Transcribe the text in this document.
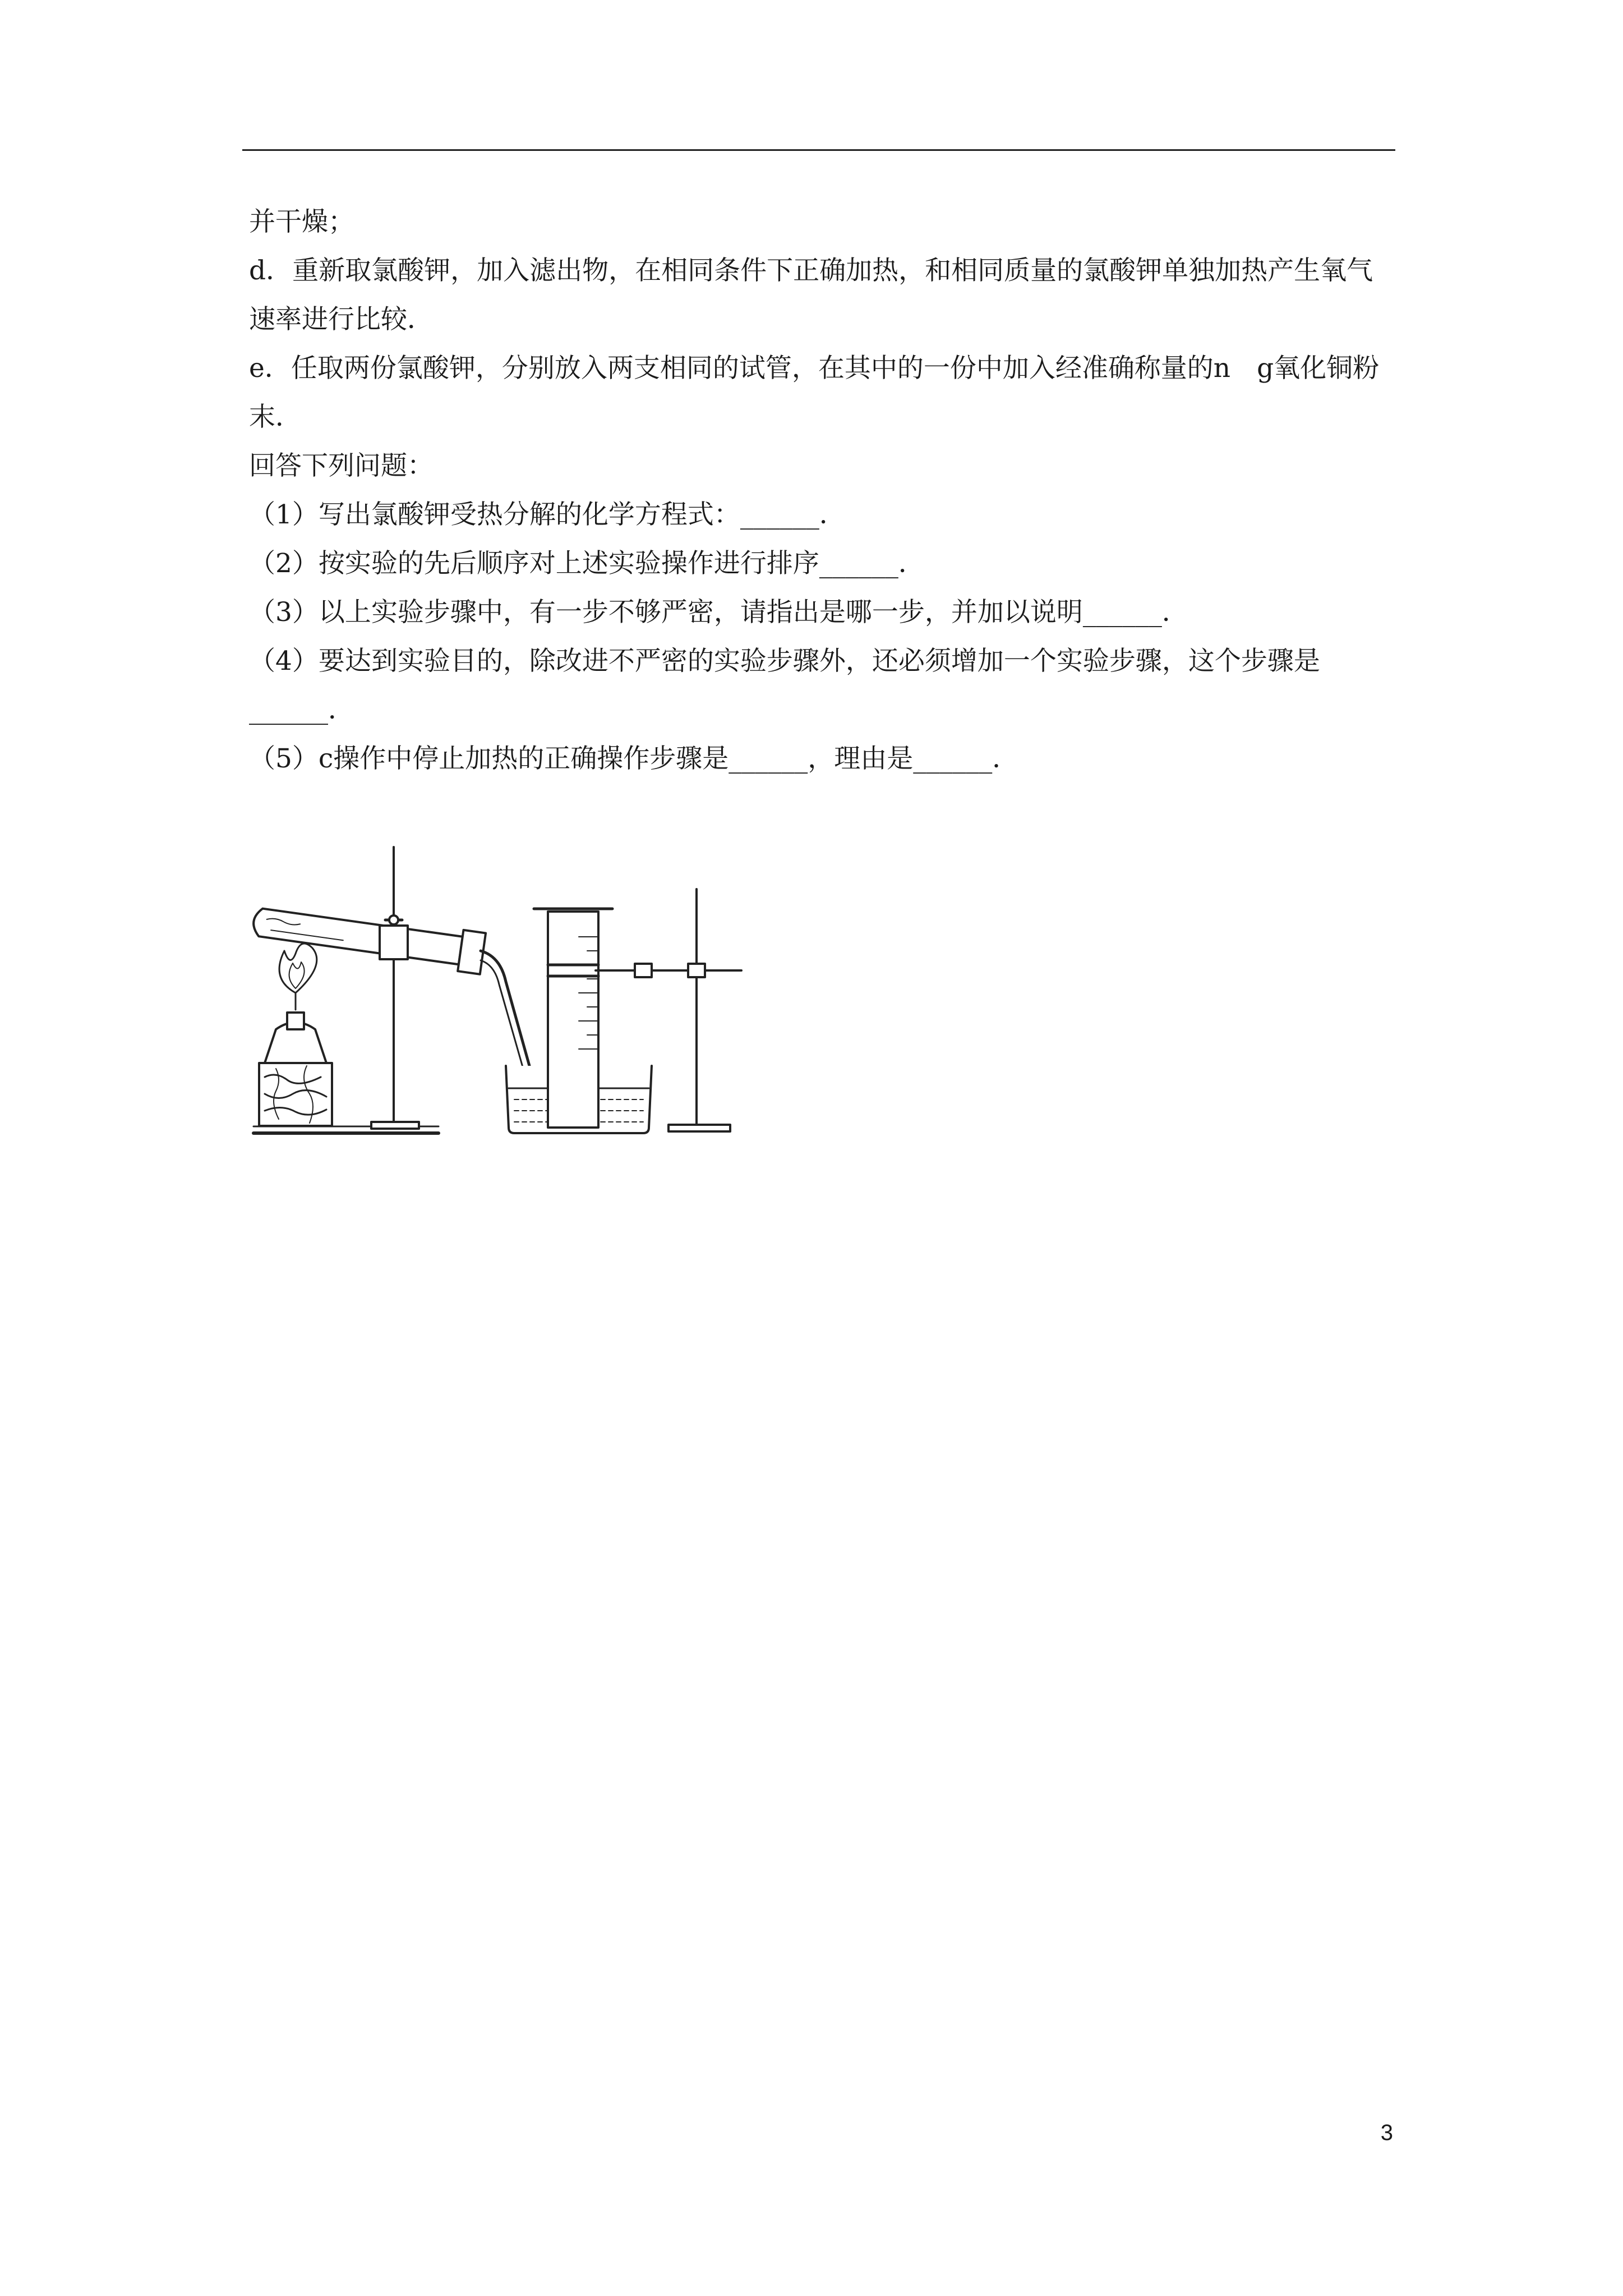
并干燥；

d．重新取氯酸钾，加入滤出物，在相同条件下正确加热，和相同质量的氯酸钾单独加热产生氧气速率进行比较．

e．任取两份氯酸钾，分别放入两支相同的试管，在其中的一份中加入经准确称量的n　g氧化铜粉末．

回答下列问题：

（1）写出氯酸钾受热分解的化学方程式：______．

（2）按实验的先后顺序对上述实验操作进行排序______．

（3）以上实验步骤中，有一步不够严密，请指出是哪一步，并加以说明______．

（4）要达到实验目的，除改进不严密的实验步骤外，还必须增加一个实验步骤，这个步骤是______．

（5）c操作中停止加热的正确操作步骤是______，理由是______．

3
